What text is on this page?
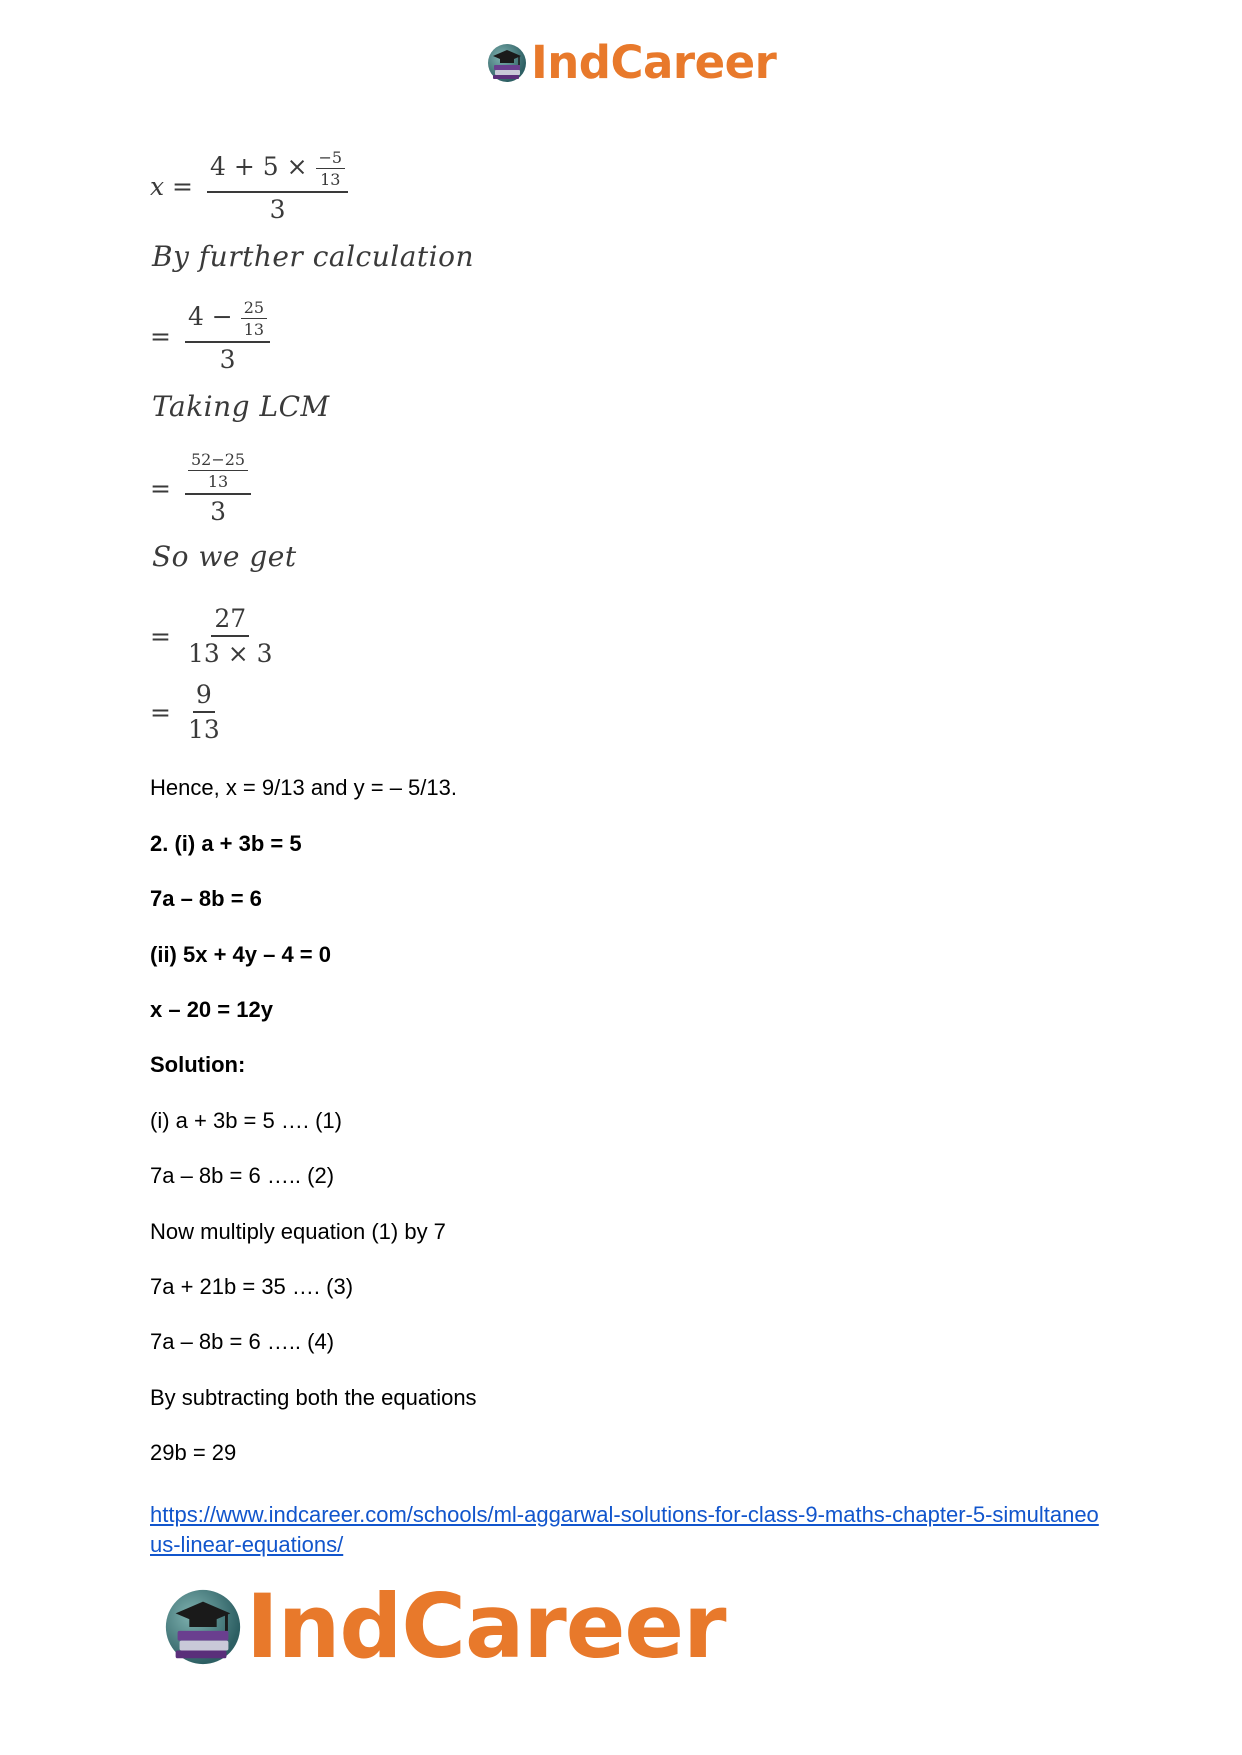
IndCareer
$x = \frac{4 + 5 \times \frac{-5}{13}}{3}$
By further calculation
= $\frac{4 - \frac{25}{13}}{3}$
Taking LCM
= $\frac{\frac{52-25}{13}}{3}$
So we get
= $\frac{27}{13 \times 3}$
= $\frac{9}{13}$
Hence, x = 9/13 and y = – 5/13.
2. (i) a + 3b = 5
7a – 8b = 6
(ii) 5x + 4y – 4 = 0
x – 20 = 12y
Solution:
(i) a + 3b = 5 …. (1)
7a – 8b = 6 ….. (2)
Now multiply equation (1) by 7
7a + 21b = 35 …. (3)
7a – 8b = 6 ….. (4)
By subtracting both the equations
29b = 29
https://www.indcareer.com/schools/ml-aggarwal-solutions-for-class-9-maths-chapter-5-simultaneous-linear-equations/
IndCareer
